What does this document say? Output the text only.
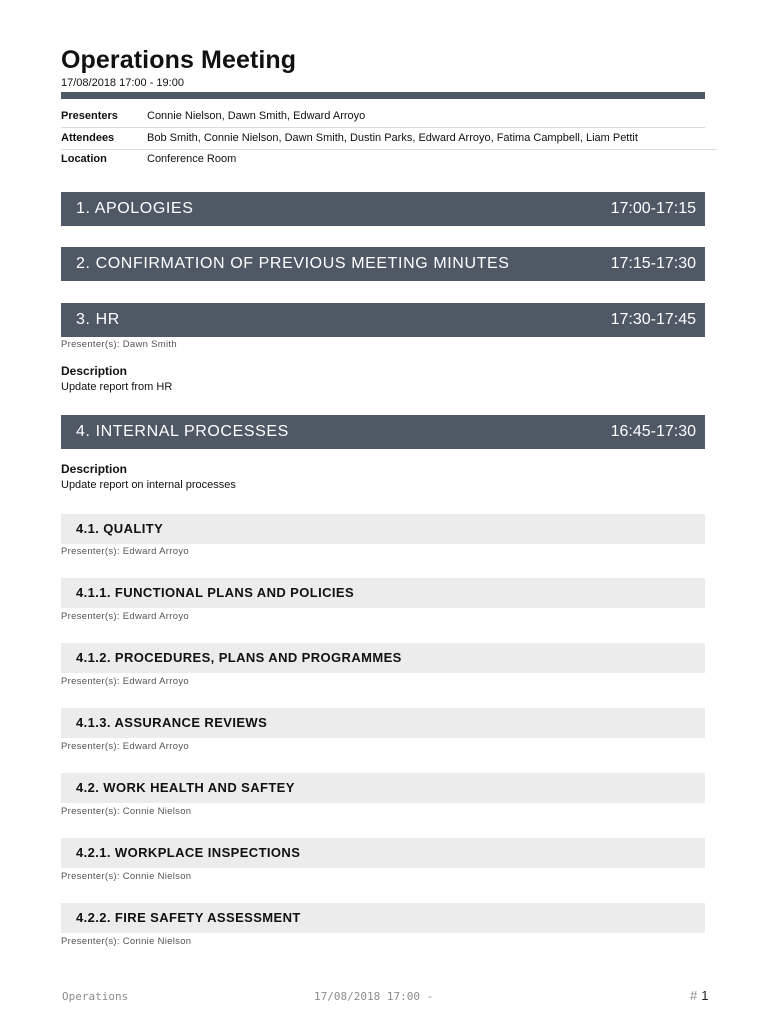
Operations Meeting
17/08/2018 17:00 - 19:00
Presenters	Connie Nielson, Dawn Smith, Edward Arroyo
Attendees	Bob Smith, Connie Nielson, Dawn Smith, Dustin Parks, Edward Arroyo, Fatima Campbell, Liam Pettit
Location	Conference Room
1. APOLOGIES	17:00-17:15
2. CONFIRMATION OF PREVIOUS MEETING MINUTES	17:15-17:30
3. HR	17:30-17:45
Presenter(s): Dawn Smith
Description
Update report from HR
4. INTERNAL PROCESSES	16:45-17:30
Description
Update report on internal processes
4.1. QUALITY
Presenter(s): Edward Arroyo
4.1.1. FUNCTIONAL PLANS AND POLICIES
Presenter(s): Edward Arroyo
4.1.2. PROCEDURES, PLANS AND PROGRAMMES
Presenter(s): Edward Arroyo
4.1.3. ASSURANCE REVIEWS
Presenter(s): Edward Arroyo
4.2. WORK HEALTH AND SAFTEY
Presenter(s): Connie Nielson
4.2.1. WORKPLACE INSPECTIONS
Presenter(s): Connie Nielson
4.2.2. FIRE SAFETY ASSESSMENT
Presenter(s): Connie Nielson
Operations	17/08/2018 17:00 -	# 1
